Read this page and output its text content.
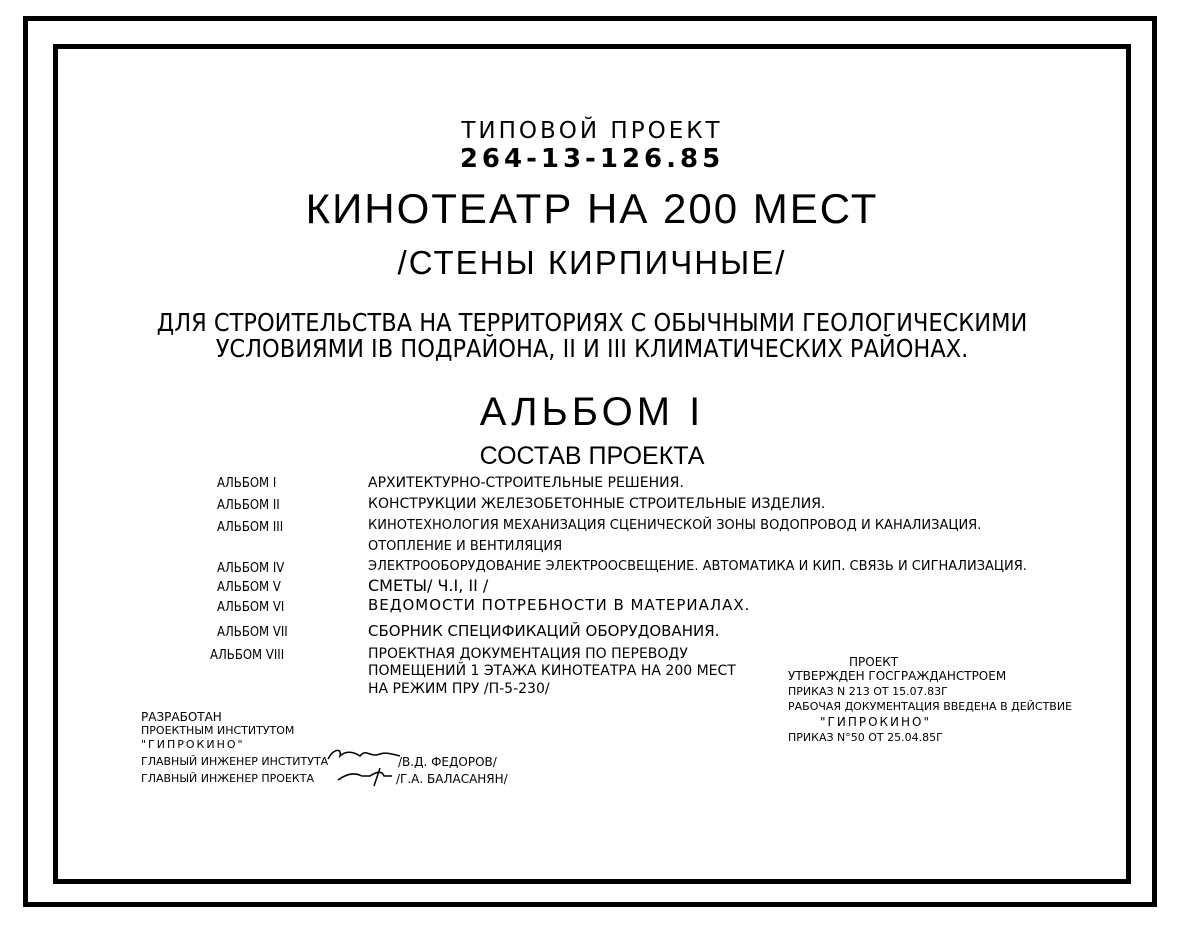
ТИПОВОЙ ПРОЕКТ
264-13-126.85
КИНОТЕАТР НА 200 МЕСТ
/СТЕНЫ КИРПИЧНЫЕ/
ДЛЯ СТРОИТЕЛЬСТВА НА ТЕРРИТОРИЯХ С ОБЫЧНЫМИ ГЕОЛОГИЧЕСКИМИ
УСЛОВИЯМИ IB ПОДРАЙОНА, II И III КЛИМАТИЧЕСКИХ РАЙОНАХ.
АЛЬБОМ I
СОСТАВ ПРОЕКТА
АЛЬБОМ I	АРХИТЕКТУРНО-СТРОИТЕЛЬНЫЕ РЕШЕНИЯ.
АЛЬБОМ II	КОНСТРУКЦИИ ЖЕЛЕЗОБЕТОННЫЕ СТРОИТЕЛЬНЫЕ ИЗДЕЛИЯ.
АЛЬБОМ III	КИНОТЕХНОЛОГИЯ МЕХАНИЗАЦИЯ СЦЕНИЧЕСКОЙ ЗОНЫ ВОДОПРОВОД И КАНАЛИЗАЦИЯ.
ОТОПЛЕНИЕ И ВЕНТИЛЯЦИЯ
АЛЬБОМ IV	ЭЛЕКТРООБОРУДОВАНИЕ ЭЛЕКТРООСВЕЩЕНИЕ. АВТОМАТИКА И КИП. СВЯЗЬ И СИГНАЛИЗАЦИЯ.
АЛЬБОМ V	СМЕТЫ/ Ч.I, II /
АЛЬБОМ VI	ВЕДОМОСТИ ПОТРЕБНОСТИ В МАТЕРИАЛАХ.
АЛЬБОМ VII	СБОРНИК СПЕЦИФИКАЦИЙ ОБОРУДОВАНИЯ.
АЛЬБОМ VIII	ПРОЕКТНАЯ ДОКУМЕНТАЦИЯ ПО ПЕРЕВОДУ
ПОМЕЩЕНИЙ 1 ЭТАЖА КИНОТЕАТРА НА 200 МЕСТ
НА РЕЖИМ ПРУ /П-5-230/
ПРОЕКТ
УТВЕРЖДЕН ГОСГРАЖДАНСТРОЕМ
ПРИКАЗ N 213 ОТ 15.07.83Г
РАБОЧАЯ ДОКУМЕНТАЦИЯ ВВЕДЕНА В ДЕЙСТВИЕ
"ГИПРОКИНО"
ПРИКАЗ N°50 ОТ 25.04.85Г
РАЗРАБОТАН
ПРОЕКТНЫМ ИНСТИТУТОМ
"ГИПРОКИНО"
ГЛАВНЫЙ ИНЖЕНЕР ИНСТИТУТА
ГЛАВНЫЙ ИНЖЕНЕР ПРОЕКТА
/В.Д. ФЕДОРОВ/
/Г.А. БАЛАСАНЯН/
